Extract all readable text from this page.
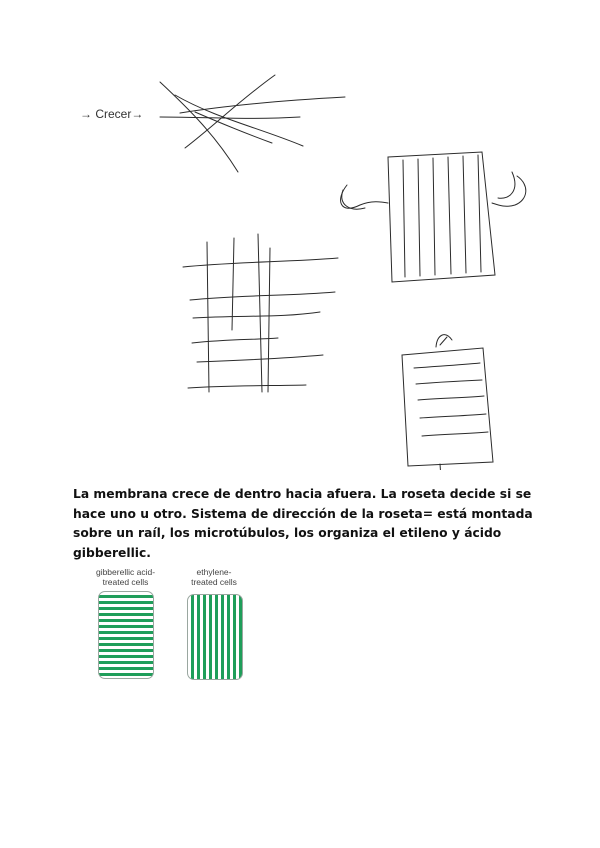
→ Crecer→
La membrana crece de dentro hacia afuera. La roseta decide si se hace uno u otro. Sistema de dirección de la roseta= está montada sobre un raíl, los microtúbulos, los organiza el etileno y ácido gibberellic.
gibberellic acid-
treated cells
ethylene-
treated cells
